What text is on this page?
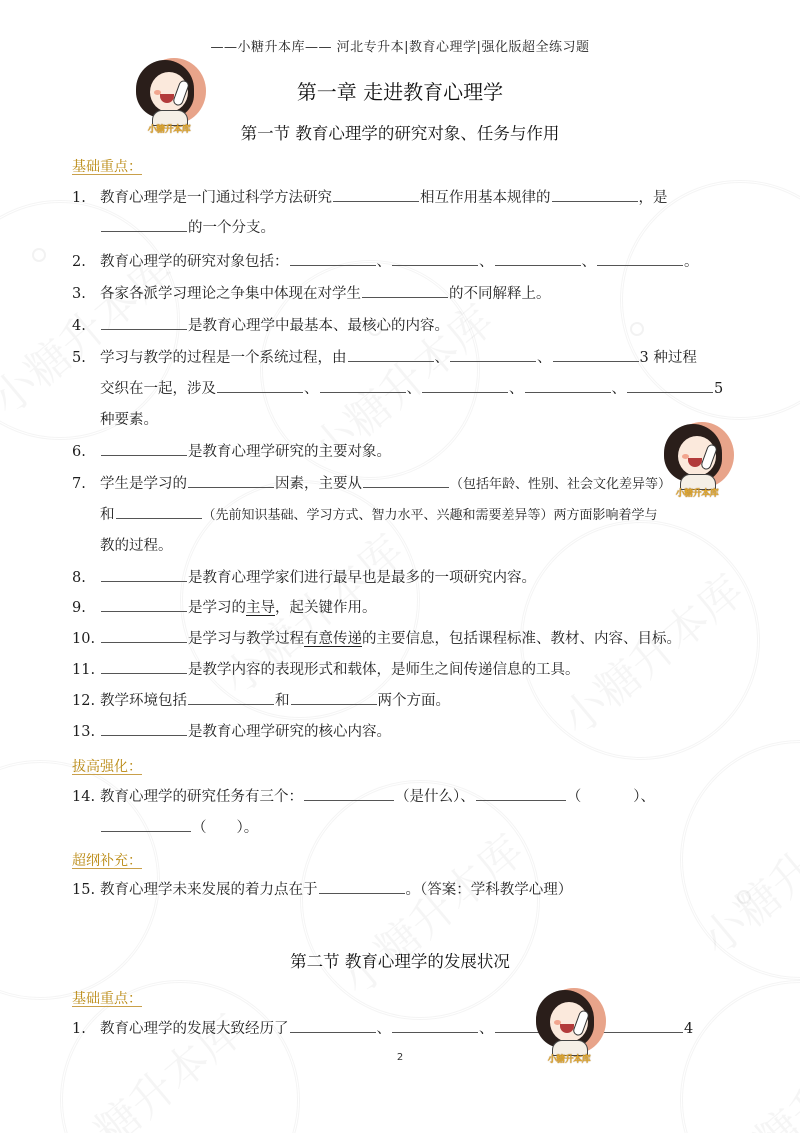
——小糖升本库—— 河北专升本|教育心理学|强化版超全练习题
小糖升本库
第一章 走进教育心理学
第一节 教育心理学的研究对象、任务与作用
基础重点：
1. 教育心理学是一门通过科学方法研究	相互作用基本规律的	，是
的一个分支。
2. 教育心理学的研究对象包括：	、	、	、	。
3. 各家各派学习理论之争集中体现在对学生	的不同解释上。
4.	是教育心理学中最基本、最核心的内容。
5. 学习与教学的过程是一个系统过程，由	、	、	3 种过程
交织在一起，涉及	、	、	、	、	5
种要素。
6.	是教育心理学研究的主要对象。
小糖升本库
7. 学生是学习的	因素，主要从	（包括年龄、性别、社会文化差异等）
和	（先前知识基础、学习方式、智力水平、兴趣和需要差异等）两方面影响着学与
教的过程。
8.	是教育心理学家们进行最早也是最多的一项研究内容。
9.	是学习的主导，起关键作用。
10.	是学习与教学过程有意传递的主要信息，包括课程标准、教材、内容、目标。
11.	是教学内容的表现形式和载体，是师生之间传递信息的工具。
12. 教学环境包括	和	两个方面。
13.	是教育心理学研究的核心内容。
拔高强化：
14. 教育心理学的研究任务有三个：	（是什么）、	（	）、
（ ）。
超纲补充：
15. 教育心理学未来发展的着力点在于	。（答案：学科教学心理）
第二节 教育心理学的发展状况
基础重点：
1. 教育心理学的发展大致经历了	、	、	4
小糖升本库
2
